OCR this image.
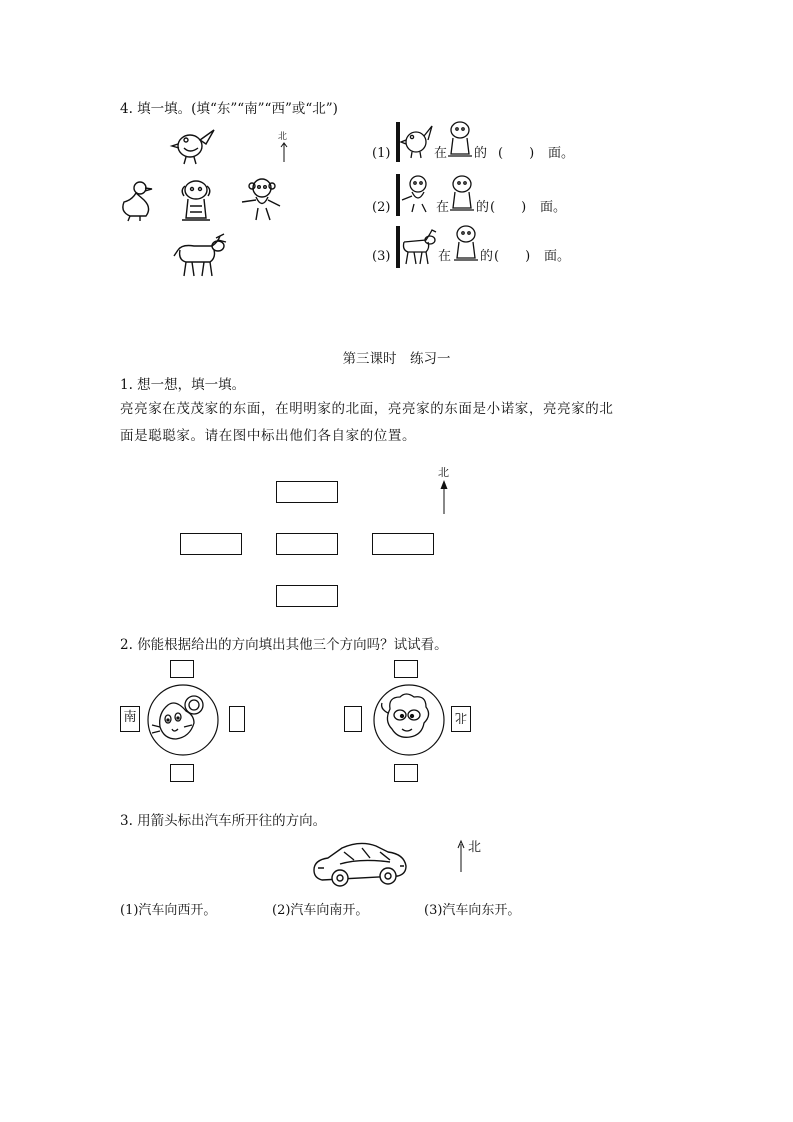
4. 填一填。(填“东”“南”“西”或“北”)
北
(1)	在 的 (　　) 面。
(2)	在 的 (　　) 面。
(3)	在 的 (　　) 面。
第三课时　练习一
1. 想一想，填一填。
亮亮家在茂茂家的东面，在明明家的北面，亮亮家的东面是小诺家，亮亮家的北
面是聪聪家。请在图中标出他们各自家的位置。
北
2. 你能根据给出的方向填出其他三个方向吗？试试看。
南	北
3. 用箭头标出汽车所开往的方向。
北
(1)汽车向西开。	(2)汽车向南开。	(3)汽车向东开。
